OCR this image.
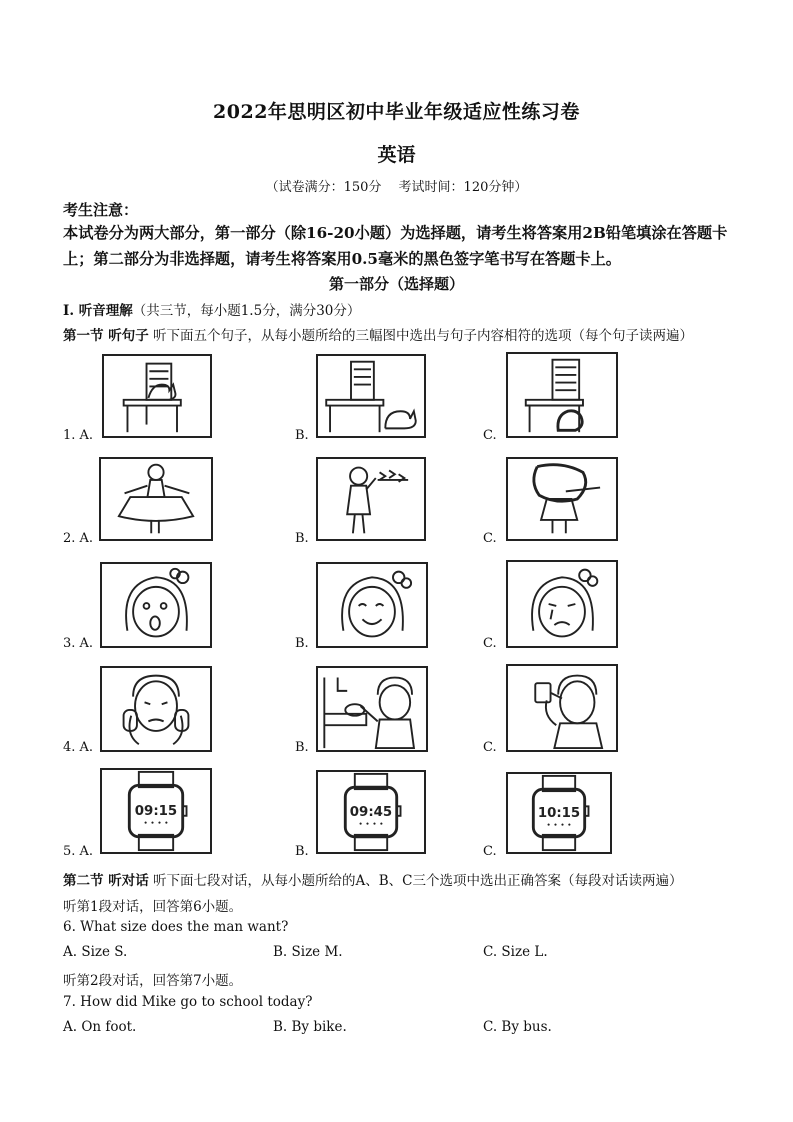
2022年思明区初中毕业年级适应性练习卷
英语
（试卷满分：150分　 考试时间：120分钟）
考生注意：
本试卷分为两大部分，第一部分（除16-20小题）为选择题，请考生将答案用2B铅笔填涂在答题卡上；第二部分为非选择题，请考生将答案用0.5毫米的黑色签字笔书写在答题卡上。
第一部分（选择题）
I. 听音理解（共三节，每小题1.5分，满分30分）
第一节 听句子 听下面五个句子，从每小题所给的三幅图中选出与句子内容相符的选项（每个句子读两遍）
1. A.	B.	C.
2. A.	B.	C.
3. A.	B.	C.
4. A.	B.	C.
5. A.
09:15
• • • •
B.
09:45
• • • •
C.
10:15
• • • •
第二节 听对话 听下面七段对话，从每小题所给的A、B、C三个选项中选出正确答案（每段对话读两遍）
听第1段对话，回答第6小题。
6. What size does the man want?
A. Size S.	B. Size M.	C. Size L.
听第2段对话，回答第7小题。
7. How did Mike go to school today?
A. On foot.	B. By bike.	C. By bus.
